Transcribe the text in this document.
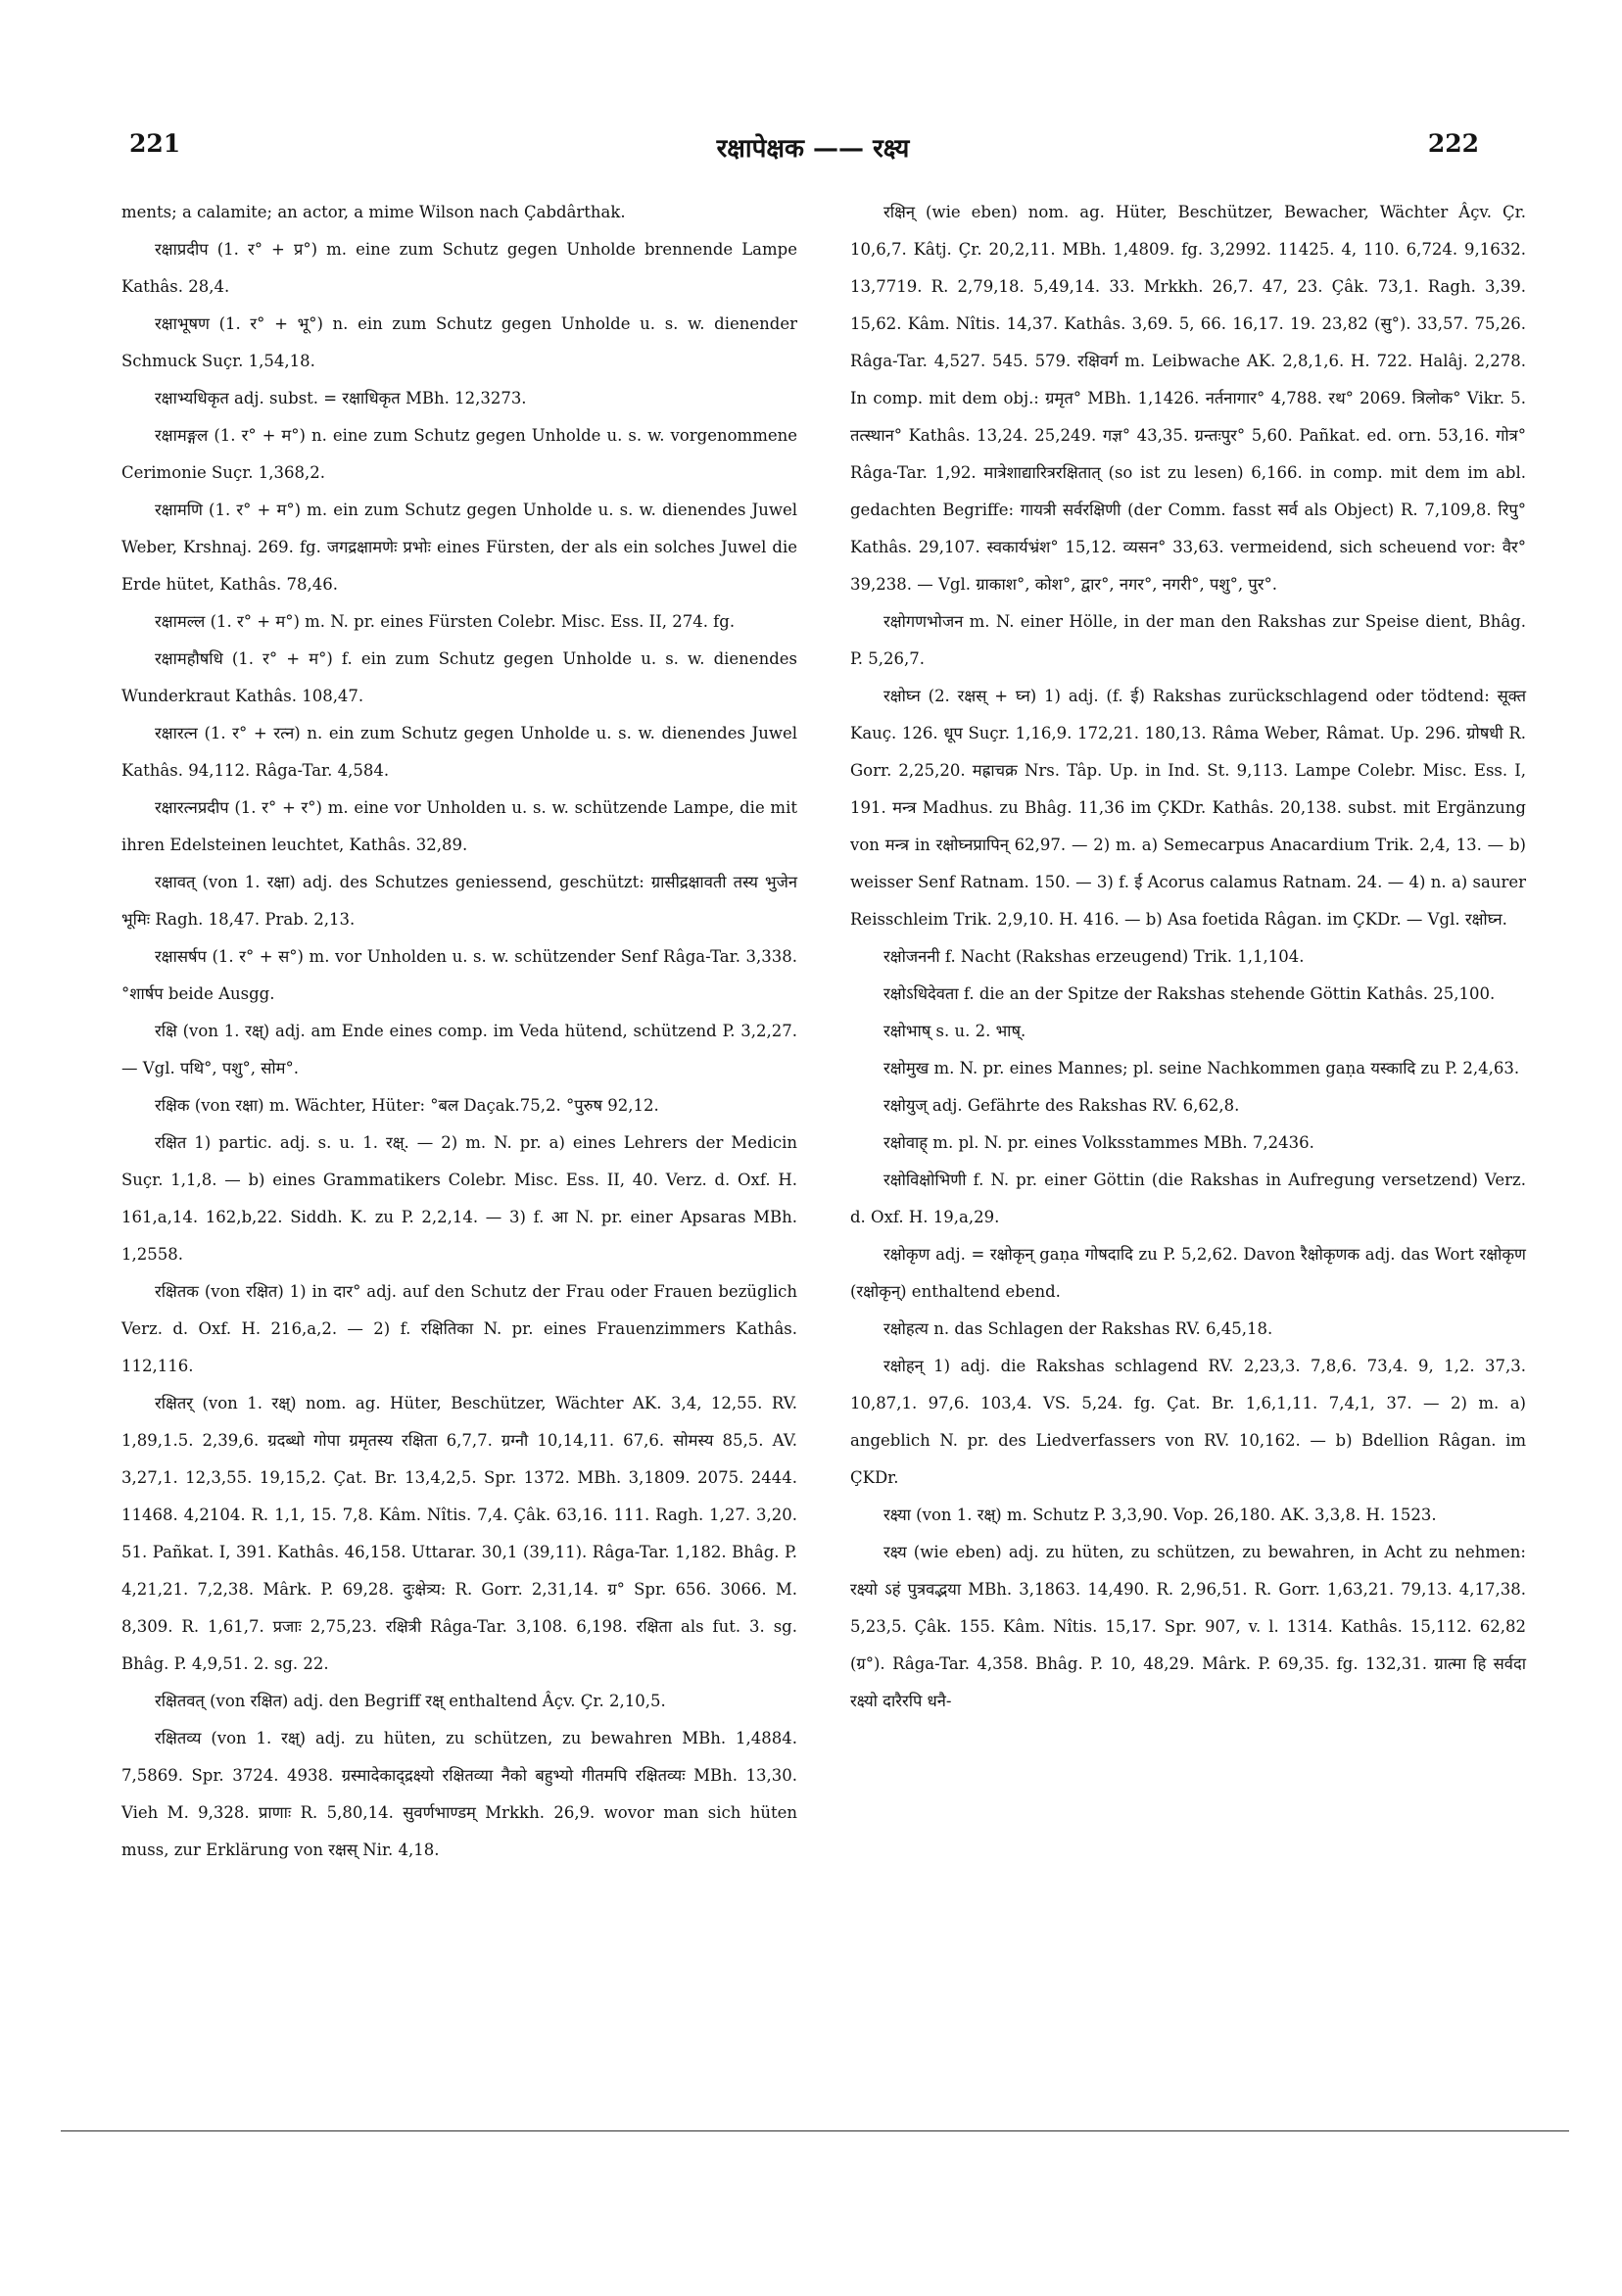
221	रक्षापेक्षक —— रक्ष्य	222

ments; a calamite; an actor, a mime Wilson nach Çabdârthak.

रक्षाप्रदीप (1. र° + प्र°) m. eine zum Schutz gegen Unholde brennende Lampe Kathâs. 28,4.

रक्षाभूषण (1. र° + भू°) n. ein zum Schutz gegen Unholde u. s. w. dienender Schmuck Suçr. 1,54,18.

रक्षाभ्यधिकृत adj. subst. = रक्षाधिकृत MBh. 12,3273.

रक्षामङ्गल (1. र° + म°) n. eine zum Schutz gegen Unholde u. s. w. vorgenommene Cerimonie Suçr. 1,368,2.

रक्षामणि (1. र° + म°) m. ein zum Schutz gegen Unholde u. s. w. dienendes Juwel Weber, Krshnaj. 269. fg. जगद्रक्षामणेः प्रभोः eines Fürsten, der als ein solches Juwel die Erde hütet, Kathâs. 78,46.

रक्षामल्ल (1. र° + म°) m. N. pr. eines Fürsten Colebr. Misc. Ess. II, 274. fg.

रक्षामहौषधि (1. र° + म°) f. ein zum Schutz gegen Unholde u. s. w. dienendes Wunderkraut Kathâs. 108,47.

रक्षारत्न (1. र° + रत्न) n. ein zum Schutz gegen Unholde u. s. w. dienendes Juwel Kathâs. 94,112. Râga-Tar. 4,584.

रक्षारत्नप्रदीप (1. र° + र°) m. eine vor Unholden u. s. w. schützende Lampe, die mit ihren Edelsteinen leuchtet, Kathâs. 32,89.

रक्षावत् (von 1. रक्षा) adj. des Schutzes geniessend, geschützt: ग्रासीद्रक्षावती तस्य भुजेन भूमिः Ragh. 18,47. Prab. 2,13.

रक्षासर्षप (1. र° + स°) m. vor Unholden u. s. w. schützender Senf Râga-Tar. 3,338. °शार्षप beide Ausgg.

रक्षि (von 1. रक्ष्) adj. am Ende eines comp. im Veda hütend, schützend P. 3,2,27. — Vgl. पथि°, पशु°, सोम°.

रक्षिक (von रक्षा) m. Wächter, Hüter: °बल Daçak.75,2. °पुरुष 92,12.

रक्षित 1) partic. adj. s. u. 1. रक्ष्. — 2) m. N. pr. a) eines Lehrers der Medicin Suçr. 1,1,8. — b) eines Grammatikers Colebr. Misc. Ess. II, 40. Verz. d. Oxf. H. 161,a,14. 162,b,22. Siddh. K. zu P. 2,2,14. — 3) f. आ N. pr. einer Apsaras MBh. 1,2558.

रक्षितक (von रक्षित) 1) in दार° adj. auf den Schutz der Frau oder Frauen bezüglich Verz. d. Oxf. H. 216,a,2. — 2) f. रक्षितिका N. pr. eines Frauenzimmers Kathâs. 112,116.

रक्षितर् (von 1. रक्ष्) nom. ag. Hüter, Beschützer, Wächter AK. 3,4, 12,55. RV. 1,89,1.5. 2,39,6. ग्रदब्धो गोपा ग्रमृतस्य रक्षिता 6,7,7. ग्रग्नौ 10,14,11. 67,6. सोमस्य 85,5. AV. 3,27,1. 12,3,55. 19,15,2. Çat. Br. 13,4,2,5. Spr. 1372. MBh. 3,1809. 2075. 2444. 11468. 4,2104. R. 1,1, 15. 7,8. Kâm. Nîtis. 7,4. Çâk. 63,16. 111. Ragh. 1,27. 3,20. 51. Pañkat. I, 391. Kathâs. 46,158. Uttarar. 30,1 (39,11). Râga-Tar. 1,182. Bhâg. P. 4,21,21. 7,2,38. Mârk. P. 69,28. दुःक्षेत्र्य: R. Gorr. 2,31,14. ग्र° Spr. 656. 3066. M. 8,309. R. 1,61,7. प्रजाः 2,75,23. रक्षित्री Râga-Tar. 3,108. 6,198. रक्षिता als fut. 3. sg. Bhâg. P. 4,9,51. 2. sg. 22.

रक्षितवत् (von रक्षित) adj. den Begriff रक्ष् enthaltend Âçv. Çr. 2,10,5.

रक्षितव्य (von 1. रक्ष्) adj. zu hüten, zu schützen, zu bewahren MBh. 1,4884. 7,5869. Spr. 3724. 4938. ग्रस्मादेकाद्द्रक्ष्यो रक्षितव्या नैको बहुभ्यो गीतमपि रक्षितव्यः MBh. 13,30. Vieh M. 9,328. प्राणाः R. 5,80,14. सुवर्णभाण्डम् Mrkkh. 26,9. wovor man sich hüten muss, zur Erklärung von रक्षस् Nir. 4,18.

रक्षिन् (wie eben) nom. ag. Hüter, Beschützer, Bewacher, Wächter Âçv. Çr. 10,6,7. Kâtj. Çr. 20,2,11. MBh. 1,4809. fg. 3,2992. 11425. 4, 110. 6,724. 9,1632. 13,7719. R. 2,79,18. 5,49,14. 33. Mrkkh. 26,7. 47, 23. Çâk. 73,1. Ragh. 3,39. 15,62. Kâm. Nîtis. 14,37. Kathâs. 3,69. 5, 66. 16,17. 19. 23,82 (सु°). 33,57. 75,26. Râga-Tar. 4,527. 545. 579. रक्षिवर्ग m. Leibwache AK. 2,8,1,6. H. 722. Halâj. 2,278. In comp. mit dem obj.: ग्रमृत° MBh. 1,1426. नर्तनागार° 4,788. रथ° 2069. त्रिलोक° Vikr. 5. तत्स्थान° Kathâs. 13,24. 25,249. गज्ञ° 43,35. ग्रन्तःपुर° 5,60. Pañkat. ed. orn. 53,16. गोत्र° Râga-Tar. 1,92. मात्रेशाद्यारित्ररक्षितात् (so ist zu lesen) 6,166. in comp. mit dem im abl. gedachten Begriffe: गायत्री सर्वरक्षिणी (der Comm. fasst सर्व als Object) R. 7,109,8. रिपु° Kathâs. 29,107. स्वकार्यभ्रंश° 15,12. व्यसन° 33,63. vermeidend, sich scheuend vor: वैर° 39,238. — Vgl. ग्राकाश°, कोश°, द्वार°, नगर°, नगरी°, पशु°, पुर°.

रक्षोगणभोजन m. N. einer Hölle, in der man den Rakshas zur Speise dient, Bhâg. P. 5,26,7.

रक्षोघ्न (2. रक्षस् + घ्न) 1) adj. (f. ई) Rakshas zurückschlagend oder tödtend: सूक्त Kauç. 126. धूप Suçr. 1,16,9. 172,21. 180,13. Râma Weber, Râmat. Up. 296. ग्रोषधी R. Gorr. 2,25,20. मह्राचक्र Nrs. Tâp. Up. in Ind. St. 9,113. Lampe Colebr. Misc. Ess. I, 191. मन्त्र Madhus. zu Bhâg. 11,36 im ÇKDr. Kathâs. 20,138. subst. mit Ergänzung von मन्त्र in रक्षोघ्नप्रापिन् 62,97. — 2) m. a) Semecarpus Anacardium Trik. 2,4, 13. — b) weisser Senf Ratnam. 150. — 3) f. ई Acorus calamus Ratnam. 24. — 4) n. a) saurer Reisschleim Trik. 2,9,10. H. 416. — b) Asa foetida Râgan. im ÇKDr. — Vgl. रक्षोघ्न.

रक्षोजननी f. Nacht (Rakshas erzeugend) Trik. 1,1,104.

रक्षोऽधिदेवता f. die an der Spitze der Rakshas stehende Göttin Kathâs. 25,100.

रक्षोभाष् s. u. 2. भाष्.

रक्षोमुख m. N. pr. eines Mannes; pl. seine Nachkommen gaṇa यस्कादि zu P. 2,4,63.

रक्षोयुज् adj. Gefährte des Rakshas RV. 6,62,8.

रक्षोवाह् m. pl. N. pr. eines Volksstammes MBh. 7,2436.

रक्षोविक्षोभिणी f. N. pr. einer Göttin (die Rakshas in Aufregung versetzend) Verz. d. Oxf. H. 19,a,29.

रक्षोकृण adj. = रक्षोकृन् gaṇa गोषदादि zu P. 5,2,62. Davon रैक्षोकृणक adj. das Wort रक्षोकृण (रक्षोकृन्) enthaltend ebend.

रक्षोहत्य n. das Schlagen der Rakshas RV. 6,45,18.

रक्षोहन् 1) adj. die Rakshas schlagend RV. 2,23,3. 7,8,6. 73,4. 9, 1,2. 37,3. 10,87,1. 97,6. 103,4. VS. 5,24. fg. Çat. Br. 1,6,1,11. 7,4,1, 37. — 2) m. a) angeblich N. pr. des Liedverfassers von RV. 10,162. — b) Bdellion Râgan. im ÇKDr.

रक्ष्या (von 1. रक्ष्) m. Schutz P. 3,3,90. Vop. 26,180. AK. 3,3,8. H. 1523.

रक्ष्य (wie eben) adj. zu hüten, zu schützen, zu bewahren, in Acht zu nehmen: रक्ष्यो ऽहं पुत्रवद्भया MBh. 3,1863. 14,490. R. 2,96,51. R. Gorr. 1,63,21. 79,13. 4,17,38. 5,23,5. Çâk. 155. Kâm. Nîtis. 15,17. Spr. 907, v. l. 1314. Kathâs. 15,112. 62,82 (ग्र°). Râga-Tar. 4,358. Bhâg. P. 10, 48,29. Mârk. P. 69,35. fg. 132,31. ग्रात्मा हि सर्वदा रक्ष्यो दारैरपि धनै-
